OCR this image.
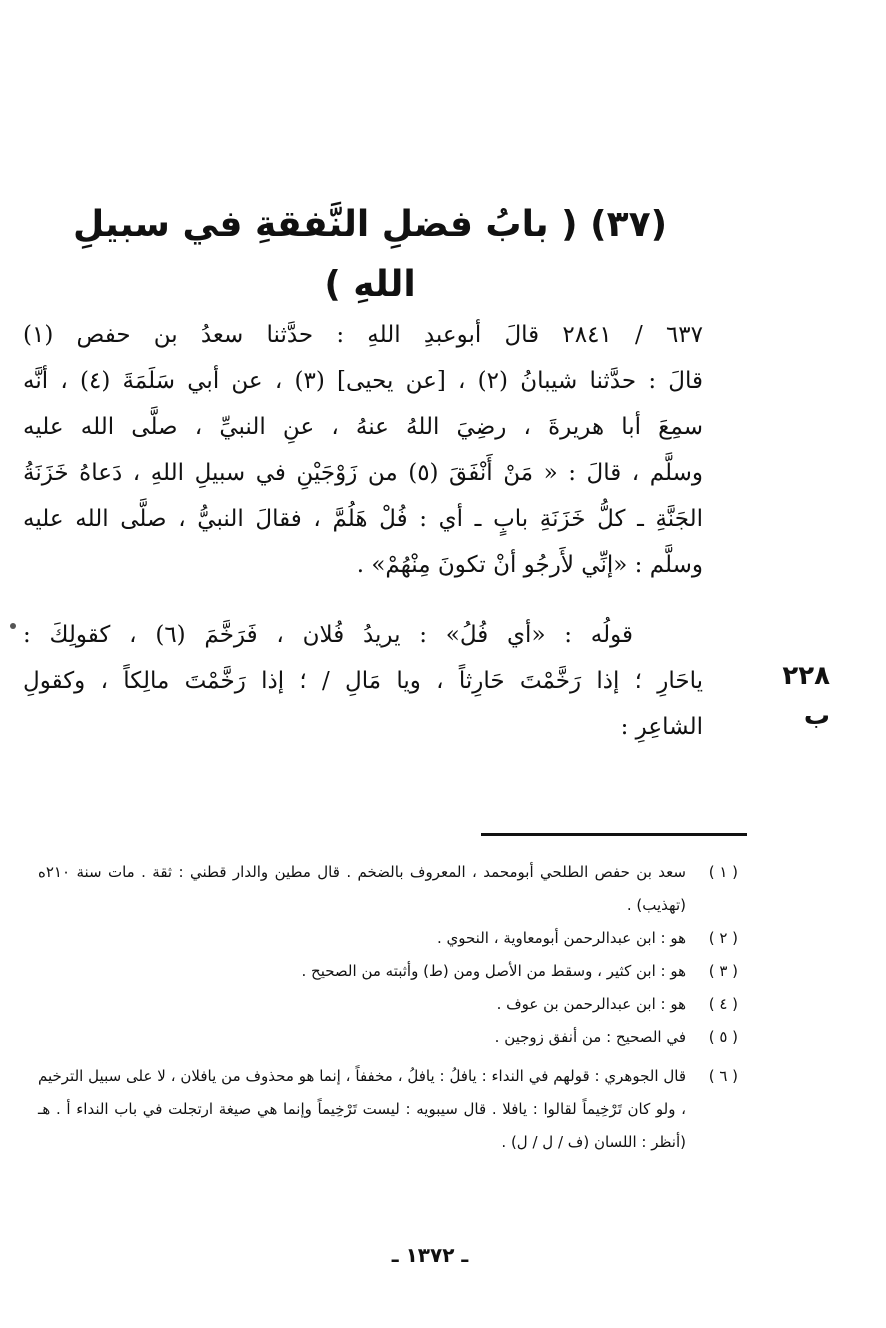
(٣٧) ( بابُ فضلِ النَّفقةِ في سبيلِ اللهِ )

٦٣٧ / ٢٨٤١ قالَ أبوعبدِ اللهِ : حدَّثنا سعدُ بن حفص (١)

قالَ : حدَّثنا شيبانُ (٢) ، [عن يحيى] (٣) ، عن أبي سَلَمَةَ (٤) ، أنَّه

سمِعَ أبا هريرةَ ، رضِيَ اللهُ عنهُ ، عنِ النبيِّ ، صلَّى الله عليه

وسلَّم ، قالَ : « مَنْ أَنْفَقَ (٥) من زَوْجَيْنِ في سبيلِ اللهِ ، دَعاهُ خَزَنَةُ

الجَنَّةِ ـ كلُّ خَزَنَةِ بابٍ ـ أي : فُلْ هَلُمَّ ، فقالَ النبيُّ ، صلَّى الله عليه

وسلَّم : «إنِّي لأَرجُو أنْ تكونَ مِنْهُمْ» .

قولُه : «أي فُلُ» : يريدُ فُلان ، فَرَخَّمَ (٦) ، كقولِكَ :

ياحَارِ ؛ إذا رَخَّمْتَ حَارِثاً ، ويا مَالِ / ؛ إذا رَخَّمْتَ مالِكاً ، وكقولِ

الشاعِرِ :

٢٢٨ ب
( ١ )
سعد بن حفص الطلحي أبومحمد ، المعروف بالضخم . قال مطين والدار قطني : ثقة . مات سنة ٢١٠ه (تهذيب) .
( ٢ )
هو : ابن عبدالرحمن أبومعاوية ، النحوي .
( ٣ )
هو : ابن كثير ، وسقط من الأصل ومن (ط) وأثبته من الصحيح .
( ٤ )
هو : ابن عبدالرحمن بن عوف .
( ٥ )
في الصحيح : من أنفق زوجين .
( ٦ )
قال الجوهري : قولهم في النداء : يافلُ : يافلُ ، مخففاً ، إنما هو محذوف من يافلان ، لا على سبيل الترخيم ، ولو كان تَرْخِيماً لقالوا : يافلا . قال سيبويه : ليست تَرْخِيماً وإنما هي صيغة ارتجلت في باب النداء أ . هـ (أنظر : اللسان (ف / ل / ل) .
ـ ١٣٧٢ ـ
